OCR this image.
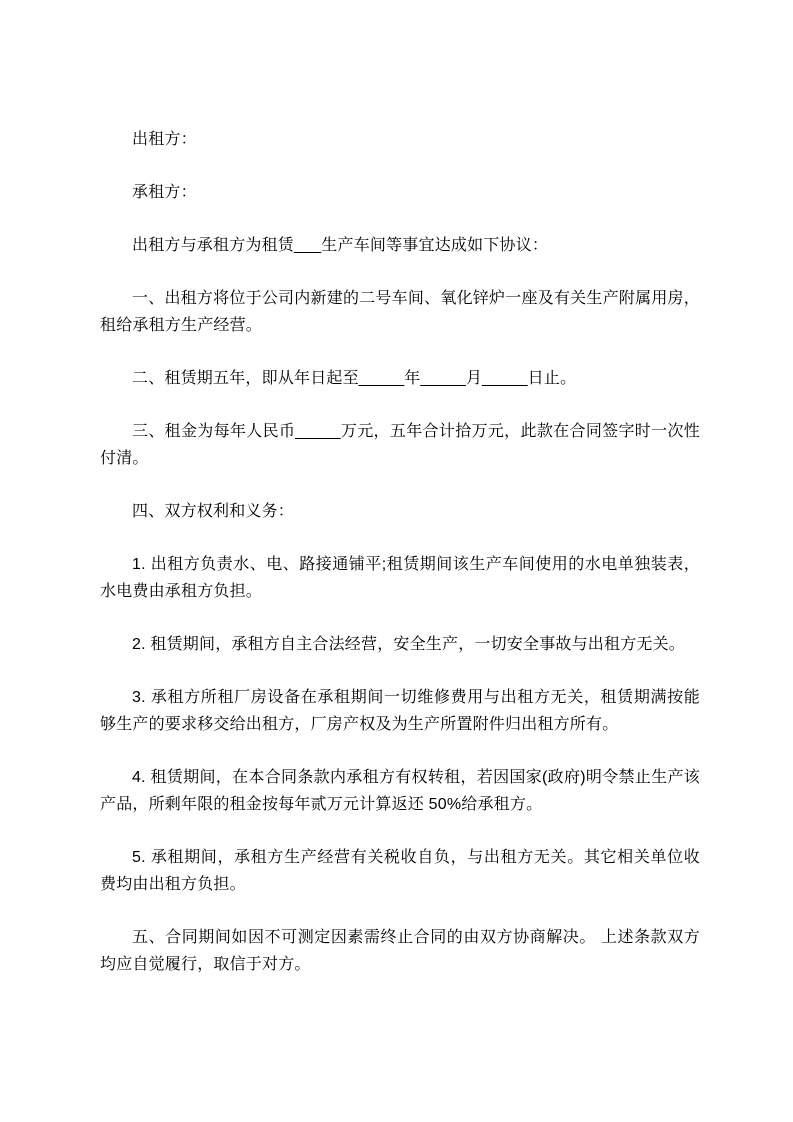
出租方：

承租方：

出租方与承租方为租赁___生产车间等事宜达成如下协议：

一、出租方将位于公司内新建的二号车间、氧化锌炉一座及有关生产附属用房，租给承租方生产经营。

二、租赁期五年，即从年日起至_____年_____月_____日止。

三、租金为每年人民币_____万元，五年合计拾万元，此款在合同签字时一次性付清。

四、双方权利和义务：

1. 出租方负责水、电、路接通铺平;租赁期间该生产车间使用的水电单独装表，水电费由承租方负担。

2. 租赁期间，承租方自主合法经营，安全生产，一切安全事故与出租方无关。

3. 承租方所租厂房设备在承租期间一切维修费用与出租方无关，租赁期满按能够生产的要求移交给出租方，厂房产权及为生产所置附件归出租方所有。

4. 租赁期间，在本合同条款内承租方有权转租，若因国家(政府)明令禁止生产该产品，所剩年限的租金按每年贰万元计算返还 50%给承租方。

5. 承租期间，承租方生产经营有关税收自负，与出租方无关。其它相关单位收费均由出租方负担。

五、合同期间如因不可测定因素需终止合同的由双方协商解决。 上述条款双方均应自觉履行，取信于对方。
